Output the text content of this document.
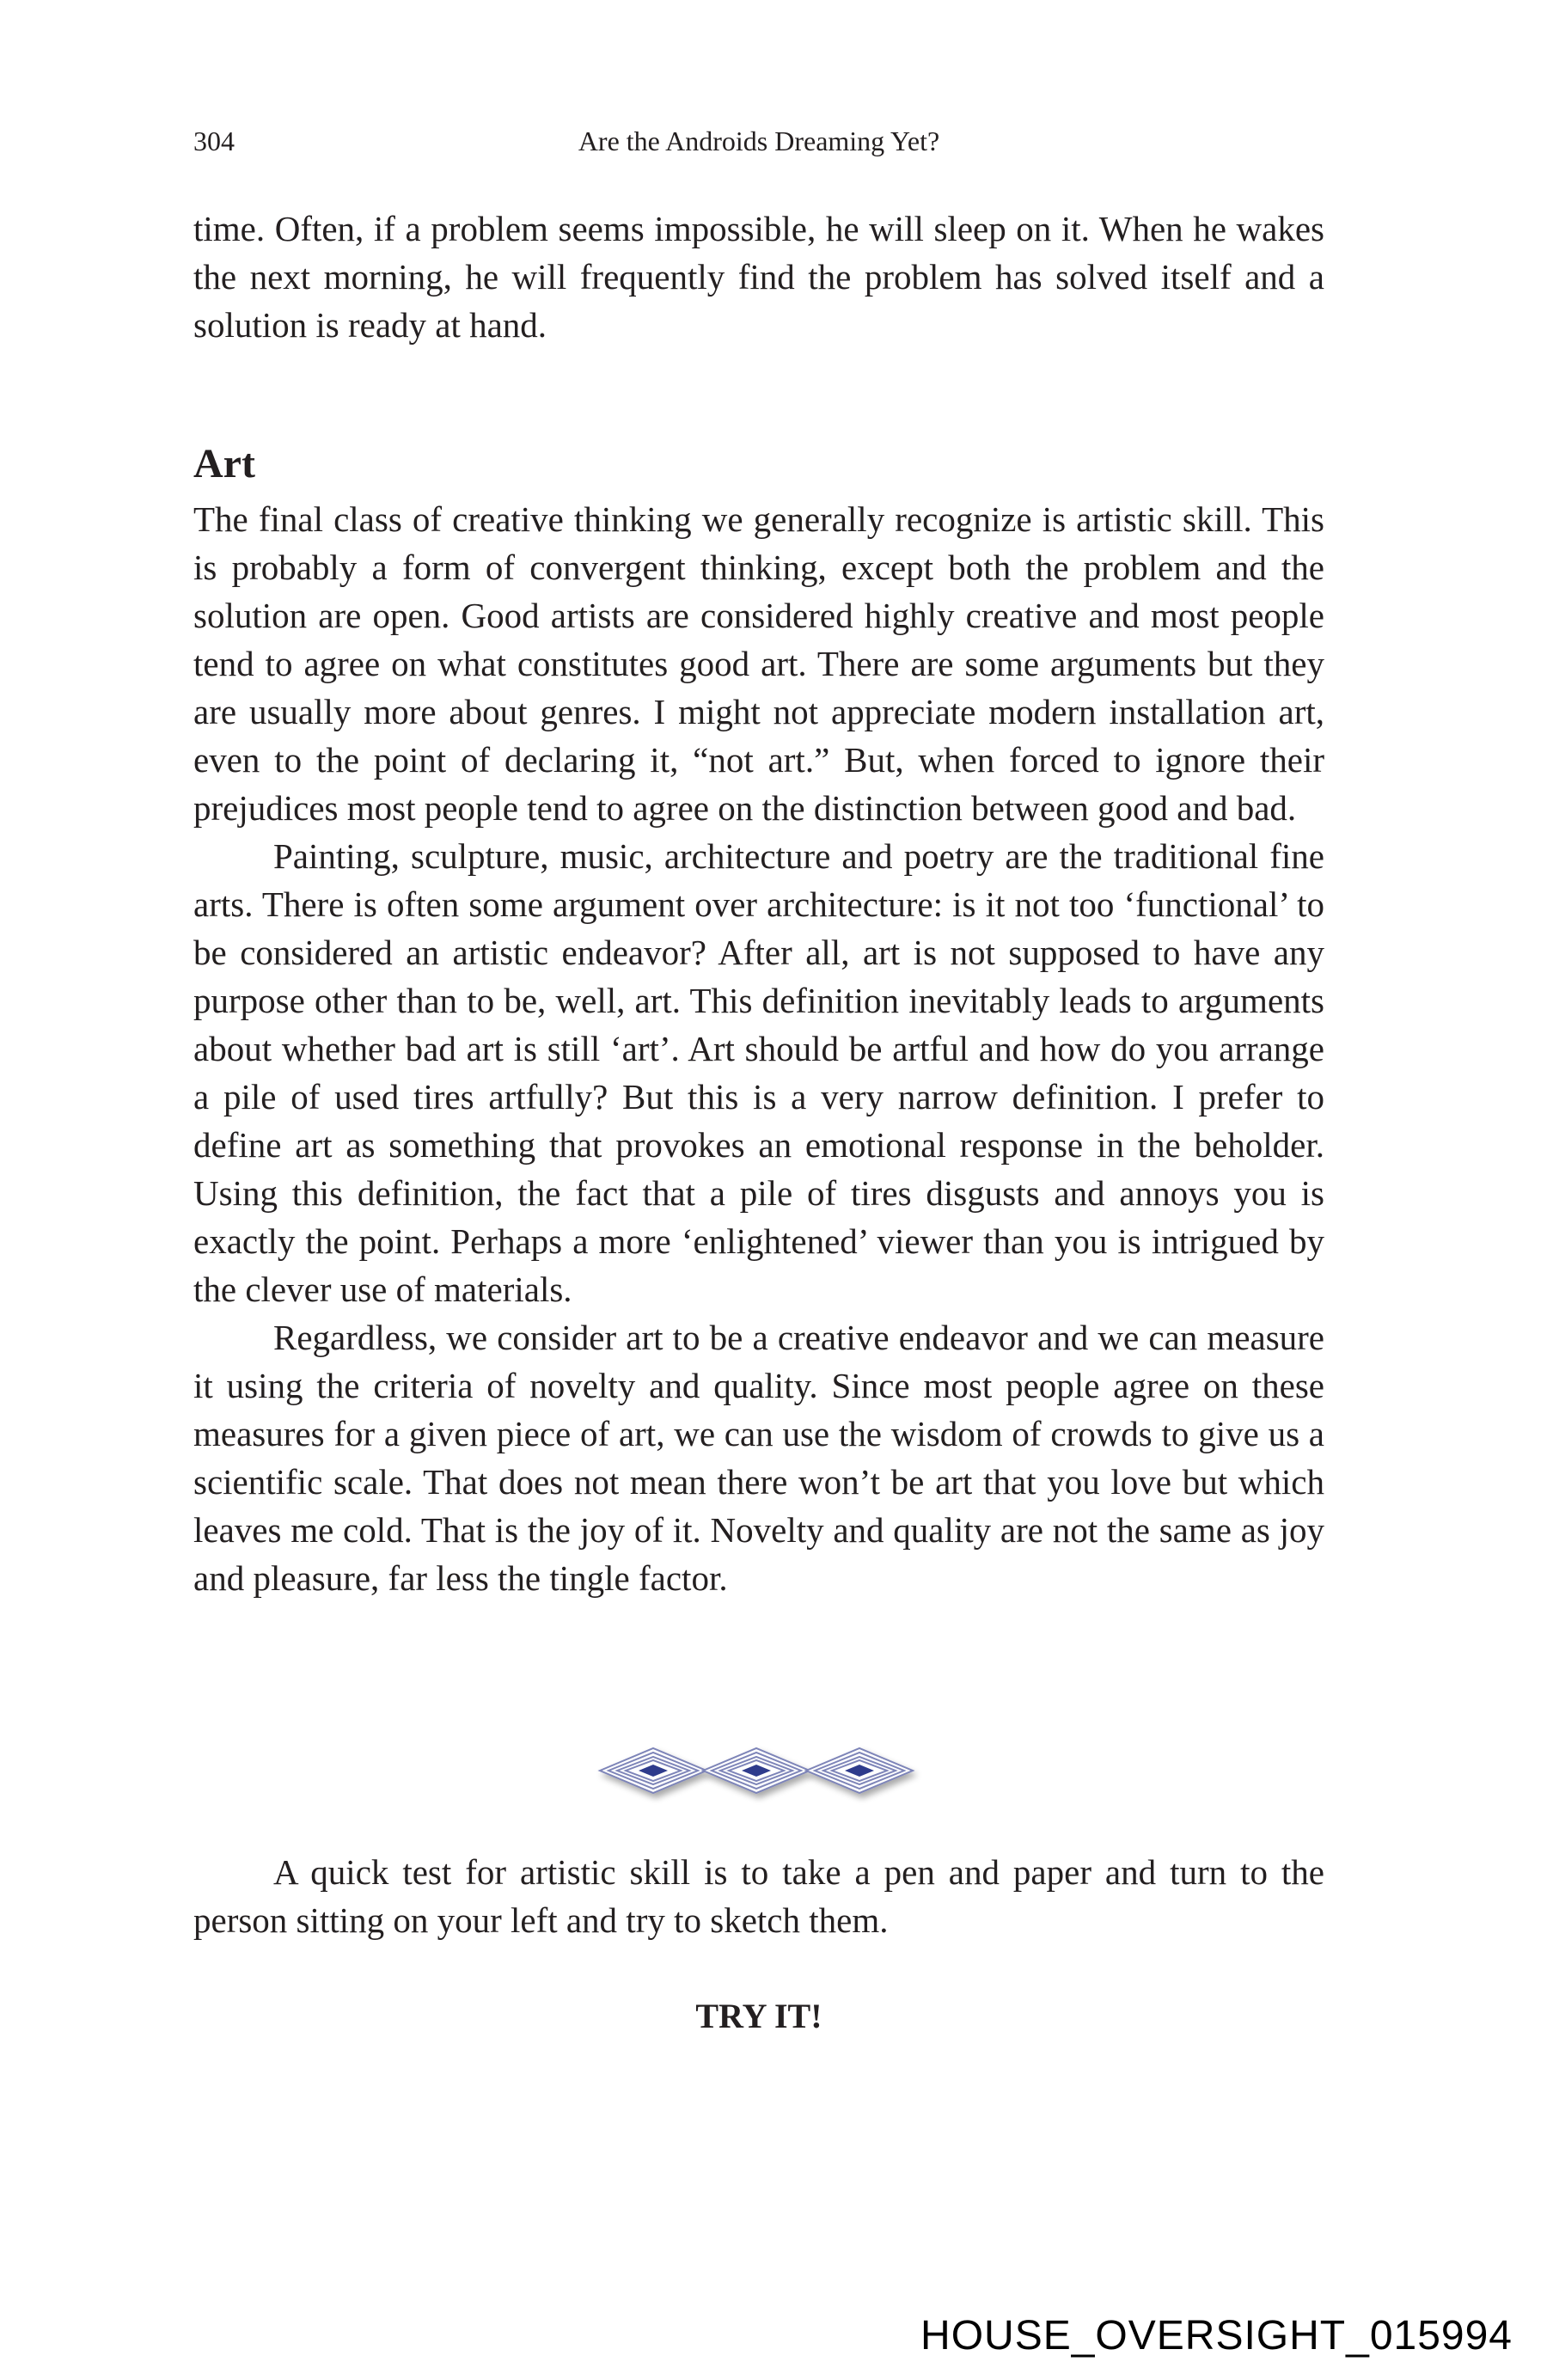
304	Are the Androids Dreaming Yet?

time. Often, if a problem seems impossible, he will sleep on it. When he wakes the next morning, he will frequently find the problem has solved itself and a solution is ready at hand.

Art

The final class of creative thinking we generally recognize is artistic skill. This is probably a form of convergent thinking, except both the problem and the solution are open. Good artists are considered highly creative and most people tend to agree on what constitutes good art. There are some arguments but they are usually more about genres. I might not appreciate modern installation art, even to the point of declaring it, “not art.” But, when forced to ignore their prejudices most people tend to agree on the distinction between good and bad.

Painting, sculpture, music, architecture and poetry are the traditional fine arts. There is often some argument over architecture: is it not too ‘functional’ to be considered an artistic endeavor? After all, art is not supposed to have any purpose other than to be, well, art. This definition inevitably leads to arguments about whether bad art is still ‘art’. Art should be artful and how do you arrange a pile of used tires artfully? But this is a very narrow definition. I prefer to define art as something that provokes an emotional response in the beholder. Using this definition, the fact that a pile of tires disgusts and annoys you is exactly the point. Perhaps a more ‘enlightened’ viewer than you is intrigued by the clever use of materials.

Regardless, we consider art to be a creative endeavor and we can measure it using the criteria of novelty and quality. Since most people agree on these measures for a given piece of art, we can use the wisdom of crowds to give us a scientific scale. That does not mean there won’t be art that you love but which leaves me cold. That is the joy of it. Novelty and quality are not the same as joy and pleasure, far less the tingle factor.

A quick test for artistic skill is to take a pen and paper and turn to the person sitting on your left and try to sketch them.

TRY IT!
HOUSE_OVERSIGHT_015994
